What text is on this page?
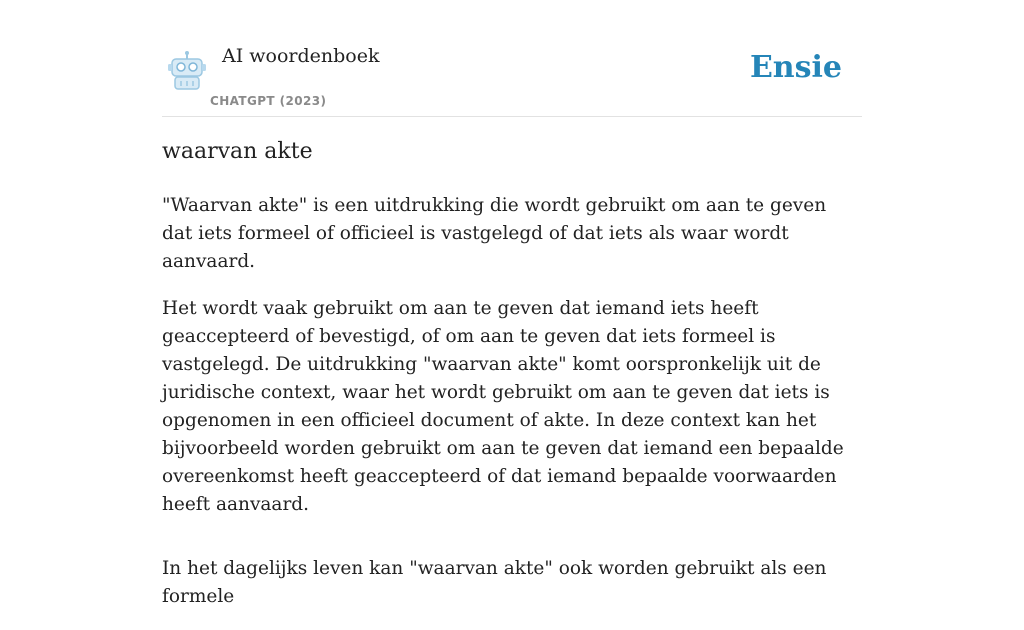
AI woordenboek
CHATGPT (2023)
Ensie
waarvan akte

"Waarvan akte" is een uitdrukking die wordt gebruikt om aan te geven dat iets formeel of officieel is vastgelegd of dat iets als waar wordt aanvaard.

Het wordt vaak gebruikt om aan te geven dat iemand iets heeft geaccepteerd of bevestigd, of om aan te geven dat iets formeel is vastgelegd. De uitdrukking "waarvan akte" komt oorspronkelijk uit de juridische context, waar het wordt gebruikt om aan te geven dat iets is opgenomen in een officieel document of akte. In deze context kan het bijvoorbeeld worden gebruikt om aan te geven dat iemand een bepaalde overeenkomst heeft geaccepteerd of dat iemand bepaalde voorwaarden heeft aanvaard.

In het dagelijks leven kan "waarvan akte" ook worden gebruikt als een formele
